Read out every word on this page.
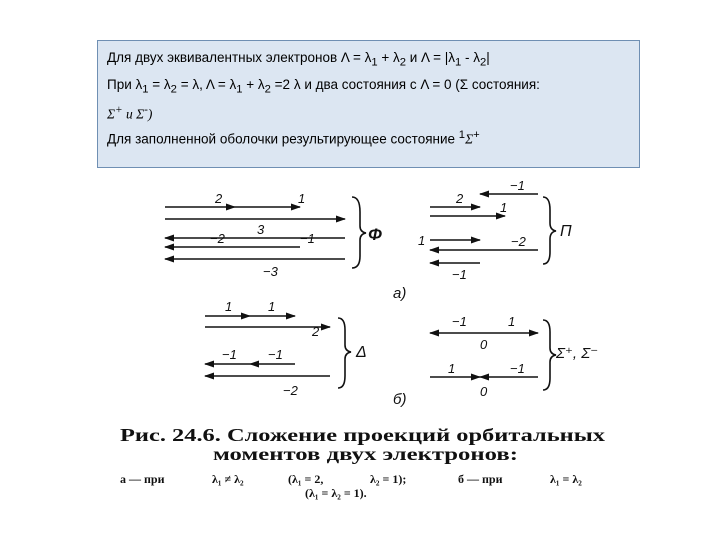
Для двух эквивалентных электронов $\Lambda = \lambda_1 + \lambda_2$ и $\Lambda = |\lambda_1 - \lambda_2|$
При $\lambda_1 = \lambda_2 = \lambda$, $\Lambda = \lambda_1 + \lambda_2 =2$ λ и два состояния с Λ = 0 (Σ состояния:
Σ+ и Σ-)
Для заполненной оболочки результирующее состояние $^1$Σ+
2	1
3
−2	−1
−3
Φ
−1
2
1
1	−2
−1
Π
а)
1	1
2
−1 −1
−2
Δ
−1	1
0
1	−1
0
Σ⁺, Σ⁻
б)
Рис. 24.6. Сложение проекций орбитальных
моментов двух электронов:
а — при	λ₁ ≠ λ₂	(λ₁ = 2,	λ₂ = 1);	б — при	λ₁ = λ₂
(λ₁ = λ₂ = 1).
